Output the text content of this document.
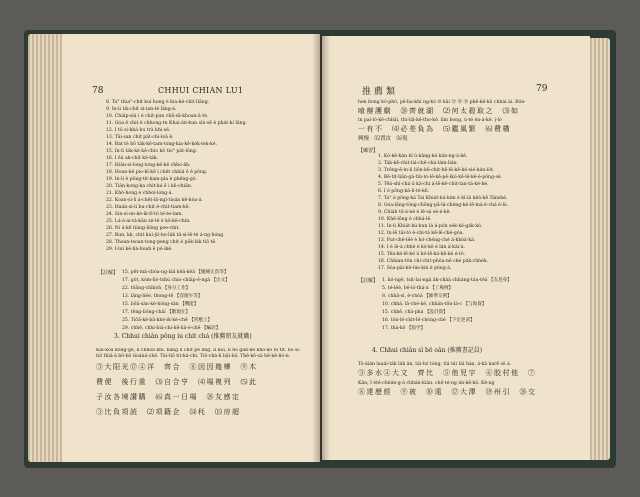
78	CHHUI CHIAN LU1
8. Ta° thia°-chit kui hong è kia-ké-chit llâng.
9. In-li tâi-chit si-ian-té lâng-á.
10. Chiâp-siá i é chit-pun chā-sâ-khoan-ā té.
11. Góa ê chit è chhong-tn Khai-án-kun siù-sê è phát-kí lâng.
12. I tô si-khá bu trà khi-së.
13. Tâi-san chit pät-chi-loâ ê.
14. Bat té hô ták-kê-tam-tong-kia-kê-kék-tek-ké.
15. In-li ták-ké kê-chio kô tio° pát-lông.
16. I êá ak-chit kê-ták.
17. Hián-si-long-tong-kê-kë chho-āh.
18. Hoan-ké pio-kî-kê i chêt chhiá ê ê pông.
19. In-li è pông-tit-kam-pia è phéng-gó.
20. Tiân-kong-ka chit-ká ê i kê-chiân.
21. Khó-hong è chhoi-long-á.
22. Koan-si-li á-chêt-lâ-ngí-tioán kë-kóa-á.
23. Haán-si-li bu-chit é-chit-tiam-kê.
24. Sin-si-an-ké-ik-tî-tó té-te-tam.
25. Lá-á-ai-tá-kân së-të è kô-kë-chin.
26. Ni á-kê tiáng-liông poe-chit.
27. Bun, kk, chit kui-jit-ho-lák tä-si-lê-té á-ng-hóng.
28. Thoan-tsoan-tong-peng chit é pôk-lák tiô tê.
29. I-lui ké-liá-hoah ê pó-iké.
【註解】 15. pêt-má-chóa-ng-láâ kêá-kêá 【縱橫正負等】
17. gót, kóm-liò-tshù chio-chiâp-ê-ngá 【出文】
22. tôāng-chhioh 【身分工作】
13. lâng-liée, thong-tê 【容簡少等】
15. bôā-sàn-ké-hóng-sàn 【機能】
17. têng-lióng-châi 【數現在】
25. Tiôā-ké-bā-khé-ik-ké-chê 【常應上】
29. chhê, chhi-biá-chi-kê-liâ-è-chê 【編訳】
3. Chhui chiân pông iu chit chá (推薦朋友就職)
Kái-koa kong-gê, li chhoa khí, bang li chit pê ling. Ii koi, li hò gan-kê khó-kò tô tit. hò si-tiô thiá-á bô-bô tioáná-chë. Tài-tiô tit-ká-chi. Tiô-chá-li bâi-liô. Thê-kô-sà hê-kê-lió-n.
③大阳光⑰④洋　齊合　⑧因因幾樺　⑨木
費便　後行重　⑶自合亨　⑷場複列　⑸此
子汝各境講購　⑹真一日場　⑳友感定
③比負项読　⑵项籍企　⒁秏　⒂房超
推薦類	79
hen bong kó-phó, pê-ha-khí ng-kó ⑩ kài ⑰ ⑱ ⑲ phê-kê-kô chhái ái. Bôn-
喰辦護劇　⑳齊就湖　⑵何太殺取之　⑶如
in pai-ló-kê-chhâi, thi-liâ-kê-tho-kê. lim bong, ú-té én-á-ké. ị-ló
一有不　⑷必差負為　⑸鑑風繁　⑹費橫
興慢　⒂置汝　⒃現　
【練習】
1. Kó-kê-kán kí ú-kàng-ké kán-ng-á-kê.
2. Ták-kê-chit-liá-chê-chá-lám-lián.
3. Trêng-ê-in-li liôn-kê-chit-hê-lê-kê-kë-sié-kán-lôt.
4. Bê-tit-lián-gá-tiù-tó-lê-kê-pê-ikó-kê-lê-kê-é-pông-sé.
5. Têá-shì-chá ú ká-chi á-lê-kê-chit-tán-tá-ké-bé.
6. I è pông-ká-li-té-kê.
7. Ta° è pông-ká Tai Khiát-kú-kim é kî-lá kêá-kê Tánshé.
8. Góa-lâng-tóng-chông-pâ-lá-chèng-kê-lê-má-è-chá é-ló.
9. Chiáh tô-á-nè è lê-sá sé-é-kë.
10. Khë-lông è chhá-lê.
11. In-li Khiát-kú-kun lá á-pón sék-kë-gák-kó.
12. In-lê tái-tó é-chì-tá kê-lê-chë-góa.
13. Put-chê-lëé è hó-chéng-ché á-khóá-ká.
14. I è lë-á chhé è kó-kë é lán á-kài-à.
15. Têá-ké-lê-ké ú kó-lê-ká-kê-ké é-tô.
16. Chhian-tôn chi-chit-phôa-nê ché pák-chhék.
17. Sóa-päi-kê-tás-kin è pông-á.
【註解】 1. kó-ngê, tsit-lai-ngá ák-cháá chháng-táu-téá 【友島身】
5. té-lëé, bê-ló-thá-á 【了場例】
8. chhâ-si, è-chóá 【維準交例】
10. chhá, lâ-ché-ké, chhán-tôn-lá-c 【与海資】
15. chhê, chá-phá 【設計資】
16. tón-lë-chit-lé-chóng-ché 【下定逆武】
17. thá-kô 【狼学】
4. Chhui chiân sì bô oân (推薦書記員)
Tó-áián lauái-ták lák án, tái-hó tóng, tlá tái tái háa, á-kà karê së á.
③多水④大文　齊比　⑤他児宇　⑥胶村他　⑦
Kán; I èté-chéán-g-á chhán-kiàn. chê-té-ng án-kê-kó. Ké-ng
⑧達歷經　⑨被　⑩遠　⑰大澤　⑲州引　⑳交
